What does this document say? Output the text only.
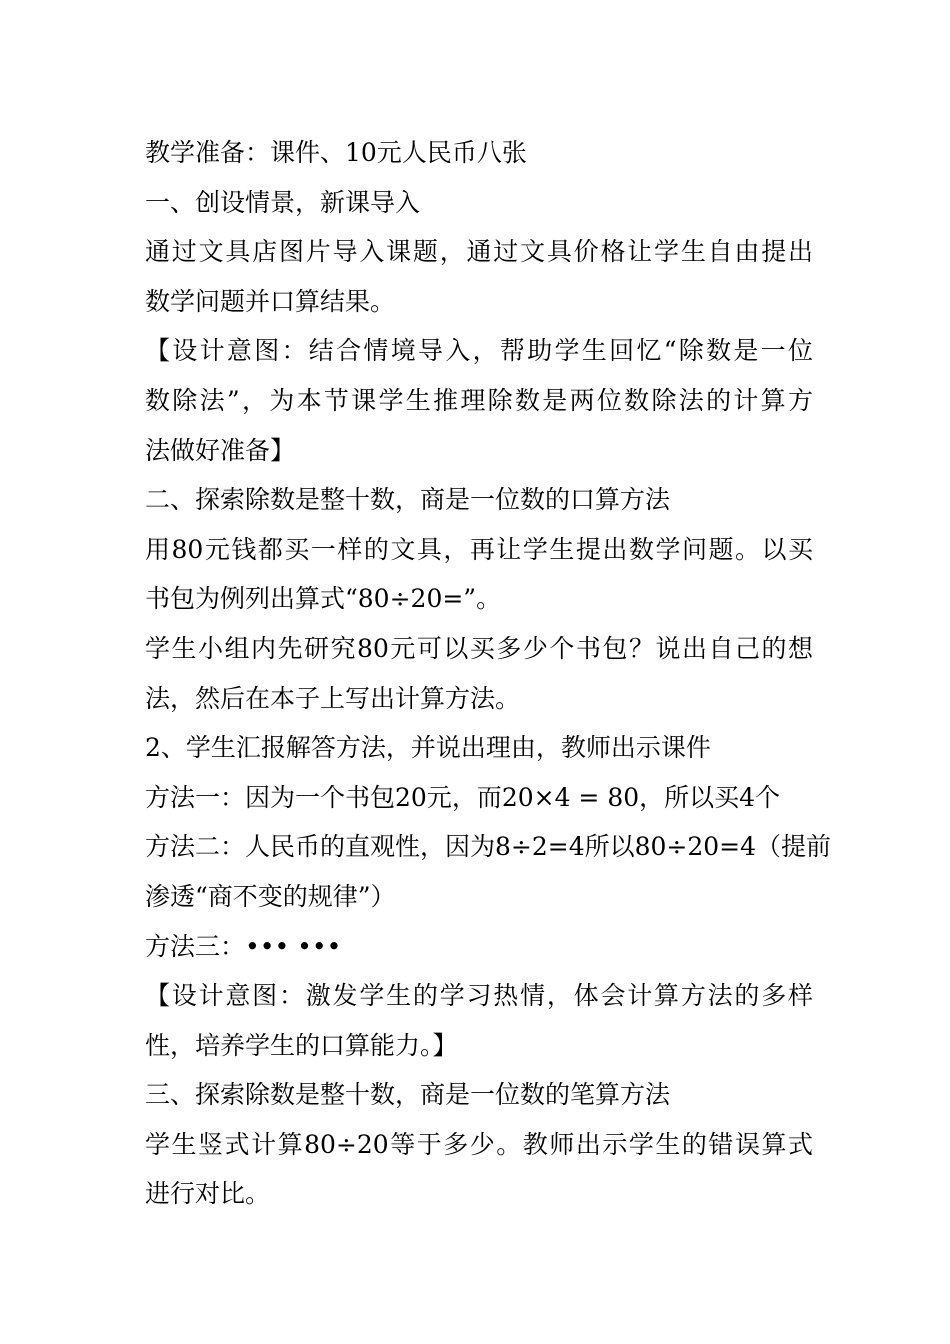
教学准备：课件、10元人民币八张
一、创设情景，新课导入
通过文具店图片导入课题，通过文具价格让学生自由提出
数学问题并口算结果。
【设计意图：结合情境导入，帮助学生回忆“除数是一位
数除法”，为本节课学生推理除数是两位数除法的计算方
法做好准备】
二、探索除数是整十数，商是一位数的口算方法
用80元钱都买一样的文具，再让学生提出数学问题。以买
书包为例列出算式“80÷20=”。
学生小组内先研究80元可以买多少个书包？说出自己的想
法，然后在本子上写出计算方法。
2、学生汇报解答方法，并说出理由，教师出示课件
方法一：因为一个书包20元，而20×4 = 80，所以买4个
方法二：人民币的直观性，因为8÷2=4所以80÷20=4（提前
渗透“商不变的规律”）
方法三：••• •••
【设计意图：激发学生的学习热情，体会计算方法的多样
性，培养学生的口算能力。】
三、探索除数是整十数，商是一位数的笔算方法
学生竖式计算80÷20等于多少。教师出示学生的错误算式
进行对比。
